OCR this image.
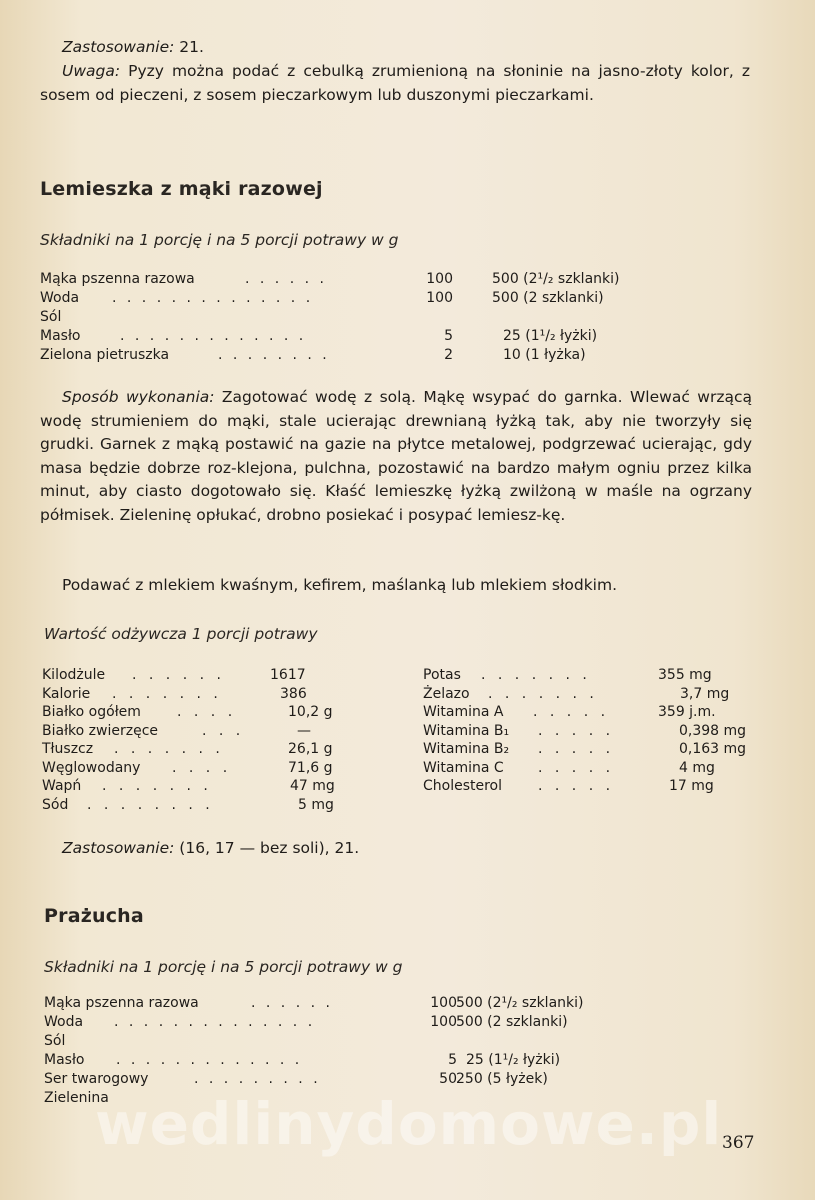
Zastosowanie: 21.
Uwaga: Pyzy można podać z cebulką zrumienioną na słoninie na jasno-złoty kolor, z sosem od pieczeni, z sosem pieczarkowym lub duszonymi pieczarkami.
Lemieszka z mąki razowej
Składniki na 1 porcję i na 5 porcji potrawy w g
Mąka pszenna razowa	. . . . . .	100	500 (2¹/₂ szklanki)
Woda . . . . . . . . . . . . . .	100	500 (2 szklanki)
Sól
Masło	. . . . . . . . . . . . .	5	25 (1¹/₂ łyżki)
Zielona pietruszka	. . . . . . . .	2	10 (1 łyżka)
Sposób wykonania: Zagotować wodę z solą. Mąkę wsypać do garnka. Wlewać wrzącą wodę strumieniem do mąki, stale ucierając drewnianą łyżką tak, aby nie tworzyły się grudki. Garnek z mąką postawić na gazie na płytce metalowej, podgrzewać ucierając, gdy masa będzie dobrze roz-klejona, pulchna, pozostawić na bardzo małym ogniu przez kilka minut, aby ciasto dogotowało się. Kłaść lemieszkę łyżką zwilżoną w maśle na ogrzany półmisek. Zieleninę opłukać, drobno posiekać i posypać lemiesz-kę.
Podawać z mlekiem kwaśnym, kefirem, maślanką lub mlekiem słodkim.
Wartość odżywcza 1 porcji potrawy
Kilodżule . . . . . .	1617
Kalorie . . . . . . .	386
Białko ogółem	. . . .	10,2 g
Białko zwierzęce	. . .	—
Tłuszcz . . . . . . .	26,1 g
Węglowodany . . . .	71,6 g
Wapń . . . . . . .	47 mg
Sód . . . . . . . .	5 mg
Potas . . . . . . .	355 mg
Żelazo . . . . . . .	3,7 mg
Witamina A . . . . .	359 j.m.
Witamina B₁ . . . . .	0,398 mg
Witamina B₂ . . . . .	0,163 mg
Witamina C . . . . .	4 mg
Cholesterol	. . . . .	17 mg
Zastosowanie: (16, 17 — bez soli), 21.
Prażucha
Składniki na 1 porcję i na 5 porcji potrawy w g
Mąka pszenna razowa	. . . . . .	100 500 (2¹/₂ szklanki)
Woda . . . . . . . . . . . . . .	100 500 (2 szklanki)
Sól
Masło . . . . . . . . . . . . .	5 25 (1¹/₂ łyżki)
Ser twarogowy	. . . . . . . . .	50 250 (5 łyżek)
Zielenina
wedlinydomowe.pl 367
